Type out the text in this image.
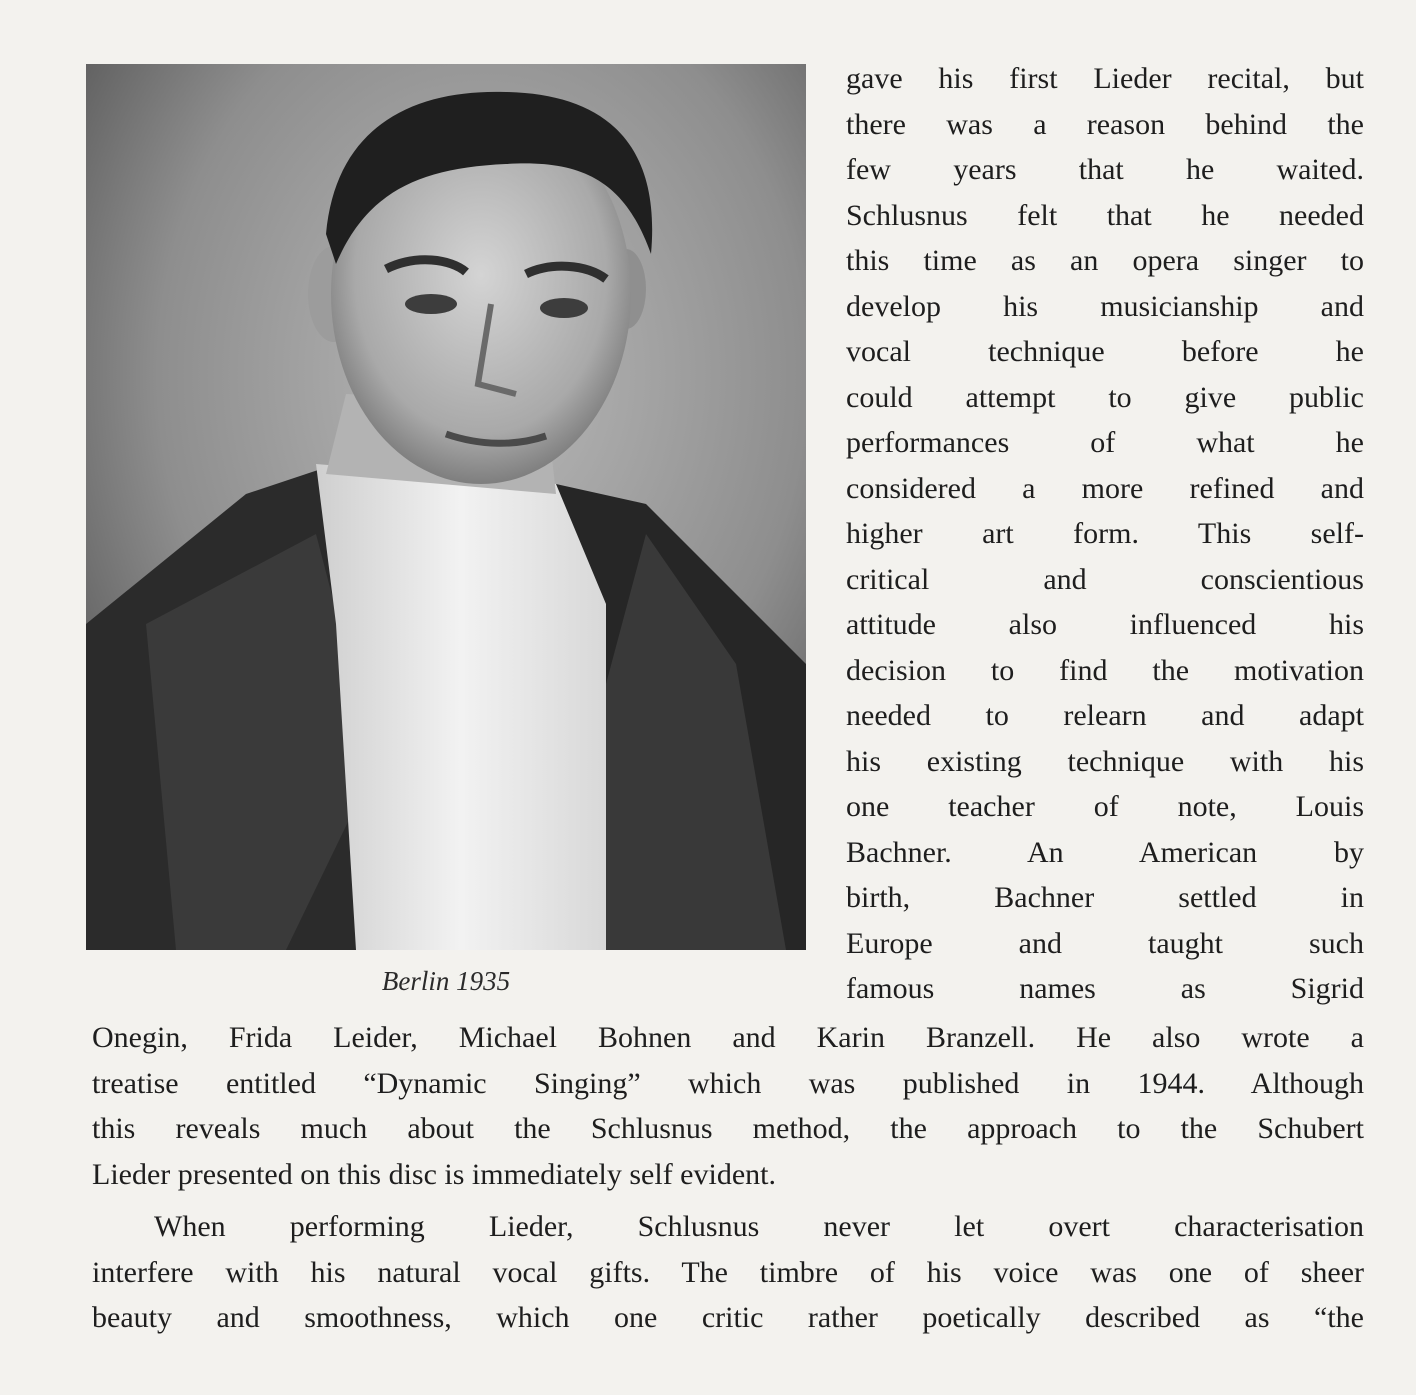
Berlin 1935
gave his first Lieder recital, but
there was a reason behind the
few years that he waited.
Schlusnus felt that he needed
this time as an opera singer to
develop his musicianship and
vocal technique before he
could attempt to give public
performances of what he
considered a more refined and
higher art form. This self-
critical and conscientious
attitude also influenced his
decision to find the motivation
needed to relearn and adapt
his existing technique with his
one teacher of note, Louis
Bachner. An American by
birth, Bachner settled in
Europe and taught such
famous names as Sigrid
Onegin, Frida Leider, Michael Bohnen and Karin Branzell. He also wrote a
treatise entitled “Dynamic Singing” which was published in 1944. Although
this reveals much about the Schlusnus method, the approach to the Schubert
Lieder presented on this disc is immediately self evident.
When performing Lieder, Schlusnus never let overt characterisation
interfere with his natural vocal gifts. The timbre of his voice was one of sheer
beauty and smoothness, which one critic rather poetically described as “the
